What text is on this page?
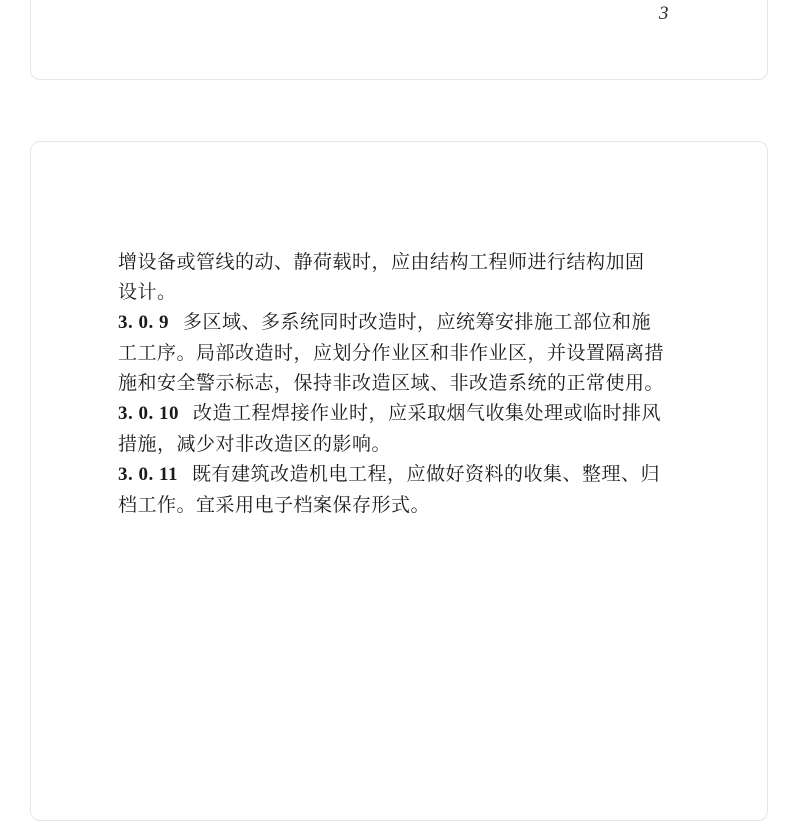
3

增设备或管线的动、静荷载时，应由结构工程师进行结构加固
设计。

3. 0. 9 多区域、多系统同时改造时，应统筹安排施工部位和施
工工序。局部改造时，应划分作业区和非作业区，并设置隔离措
施和安全警示标志，保持非改造区域、非改造系统的正常使用。

3. 0. 10 改造工程焊接作业时，应采取烟气收集处理或临时排风
措施，减少对非改造区的影响。

3. 0. 11 既有建筑改造机电工程，应做好资料的收集、整理、归
档工作。宜采用电子档案保存形式。
